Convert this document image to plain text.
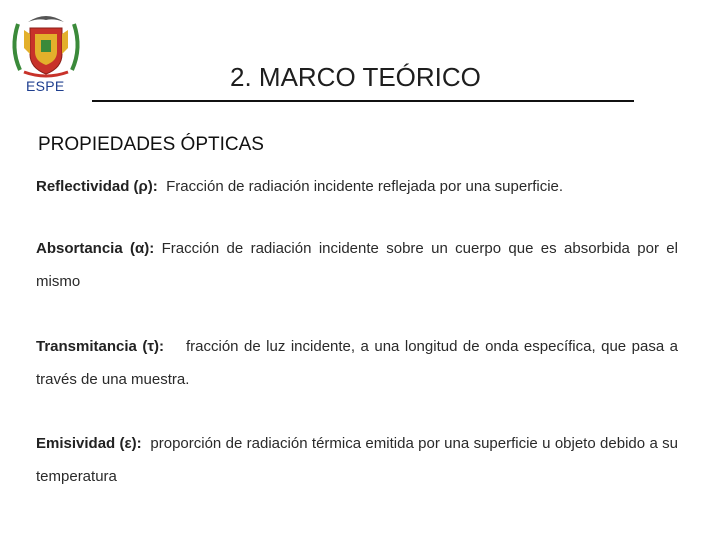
ESPE	2. MARCO TEÓRICO
PROPIEDADES ÓPTICAS
Reflectividad (ρ): Fracción de radiación incidente reflejada por una superficie.
Absortancia (α): Fracción de radiación incidente sobre un cuerpo que es absorbida por el mismo
Transmitancia (τ): fracción de luz incidente, a una longitud de onda específica, que pasa a través de una muestra.
Emisividad (ε): proporción de radiación térmica emitida por una superficie u objeto debido a su temperatura
